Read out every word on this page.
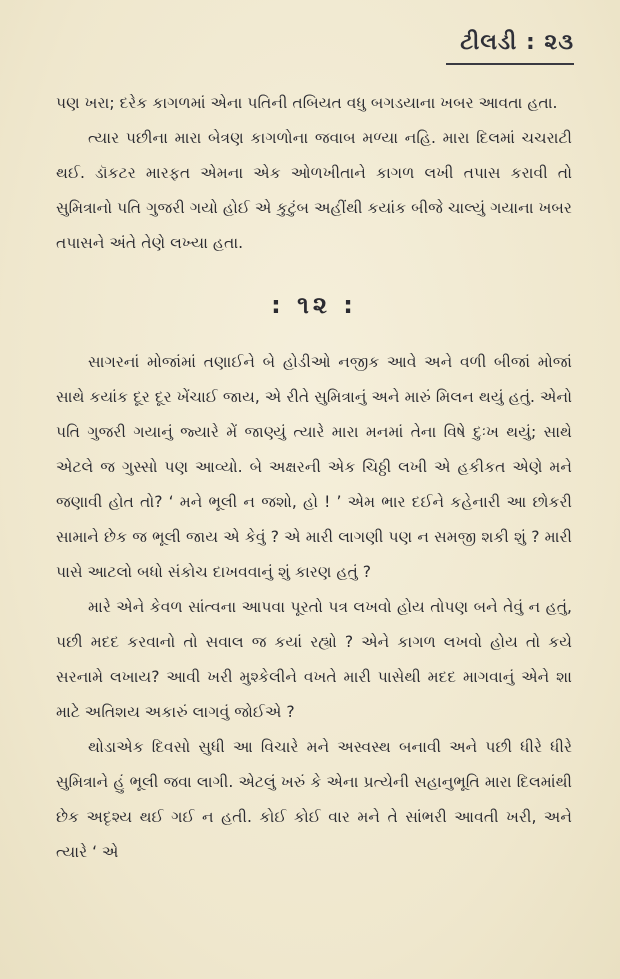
ટીલડી : ૨૩

પણ ખરા; દરેક કાગળમાં એના પતિની તબિયત વધુ બગડયાના ખબર આવતા હતા.

ત્યાર પછીના મારા બેત્રણ કાગળોના જવાબ મળ્યા નહિ. મારા દિલમાં ચચરાટી થઈ. ડૉકટર મારફત એમના એક ઓળખીતાને કાગળ લખી તપાસ કરાવી તો સુમિત્રાનો પતિ ગુજરી ગયો હોઈ એ કુટુંબ અહીંથી કયાંક બીજે ચાલ્યું ગયાના ખબર તપાસને અંતે તેણે લખ્યા હતા.

: ૧૨ :

સાગરનાં મોજાંમાં તણાઈને બે હોડીઓ નજીક આવે અને વળી બીજાં મોજાં સાથે કયાંક દૂર દૂર ખેંચાઈ જાય, એ રીતે સુમિત્રાનું અને મારું મિલન થયું હતું. એનો પતિ ગુજરી ગયાનું જ્યારે મેં જાણ્યું ત્યારે મારા મનમાં તેના વિષે દુઃખ થયું; સાથે એટલે જ ગુસ્સો પણ આવ્યો. બે અક્ષરની એક ચિઠ્ઠી લખી એ હકીકત એણે મને જણાવી હોત તો? ‘ મને ભૂલી ન જશો, હો ! ’ એમ ભાર દઈને કહેનારી આ છોકરી સામાને છેક જ ભૂલી જાય એ કેવું ? એ મારી લાગણી પણ ન સમજી શકી શું ? મારી પાસે આટલો બધો સંકોચ દાખવવાનું શું કારણ હતું ?

મારે એને કેવળ સાંત્વના આપવા પૂરતો પત્ર લખવો હોય તોપણ બને તેવું ન હતું, પછી મદદ કરવાનો તો સવાલ જ કયાં રહ્યો ? એને કાગળ લખવો હોય તો કયે સરનામે લખાય? આવી ખરી મુશ્કેલીને વખતે મારી પાસેથી મદદ માગવાનું એને શા માટે અતિશય અકારું લાગવું જોઈએ ?

થોડાએક દિવસો સુધી આ વિચારે મને અસ્વસ્થ બનાવી અને પછી ધીરે ધીરે સુમિત્રાને હું ભૂલી જવા લાગી. એટલું ખરું કે એના પ્રત્યેની સહાનુભૂતિ મારા દિલમાંથી છેક અદૃશ્ય થઈ ગઈ ન હતી. કોઈ કોઈ વાર મને તે સાંભરી આવતી ખરી, અને ત્યારે ‘ એ
